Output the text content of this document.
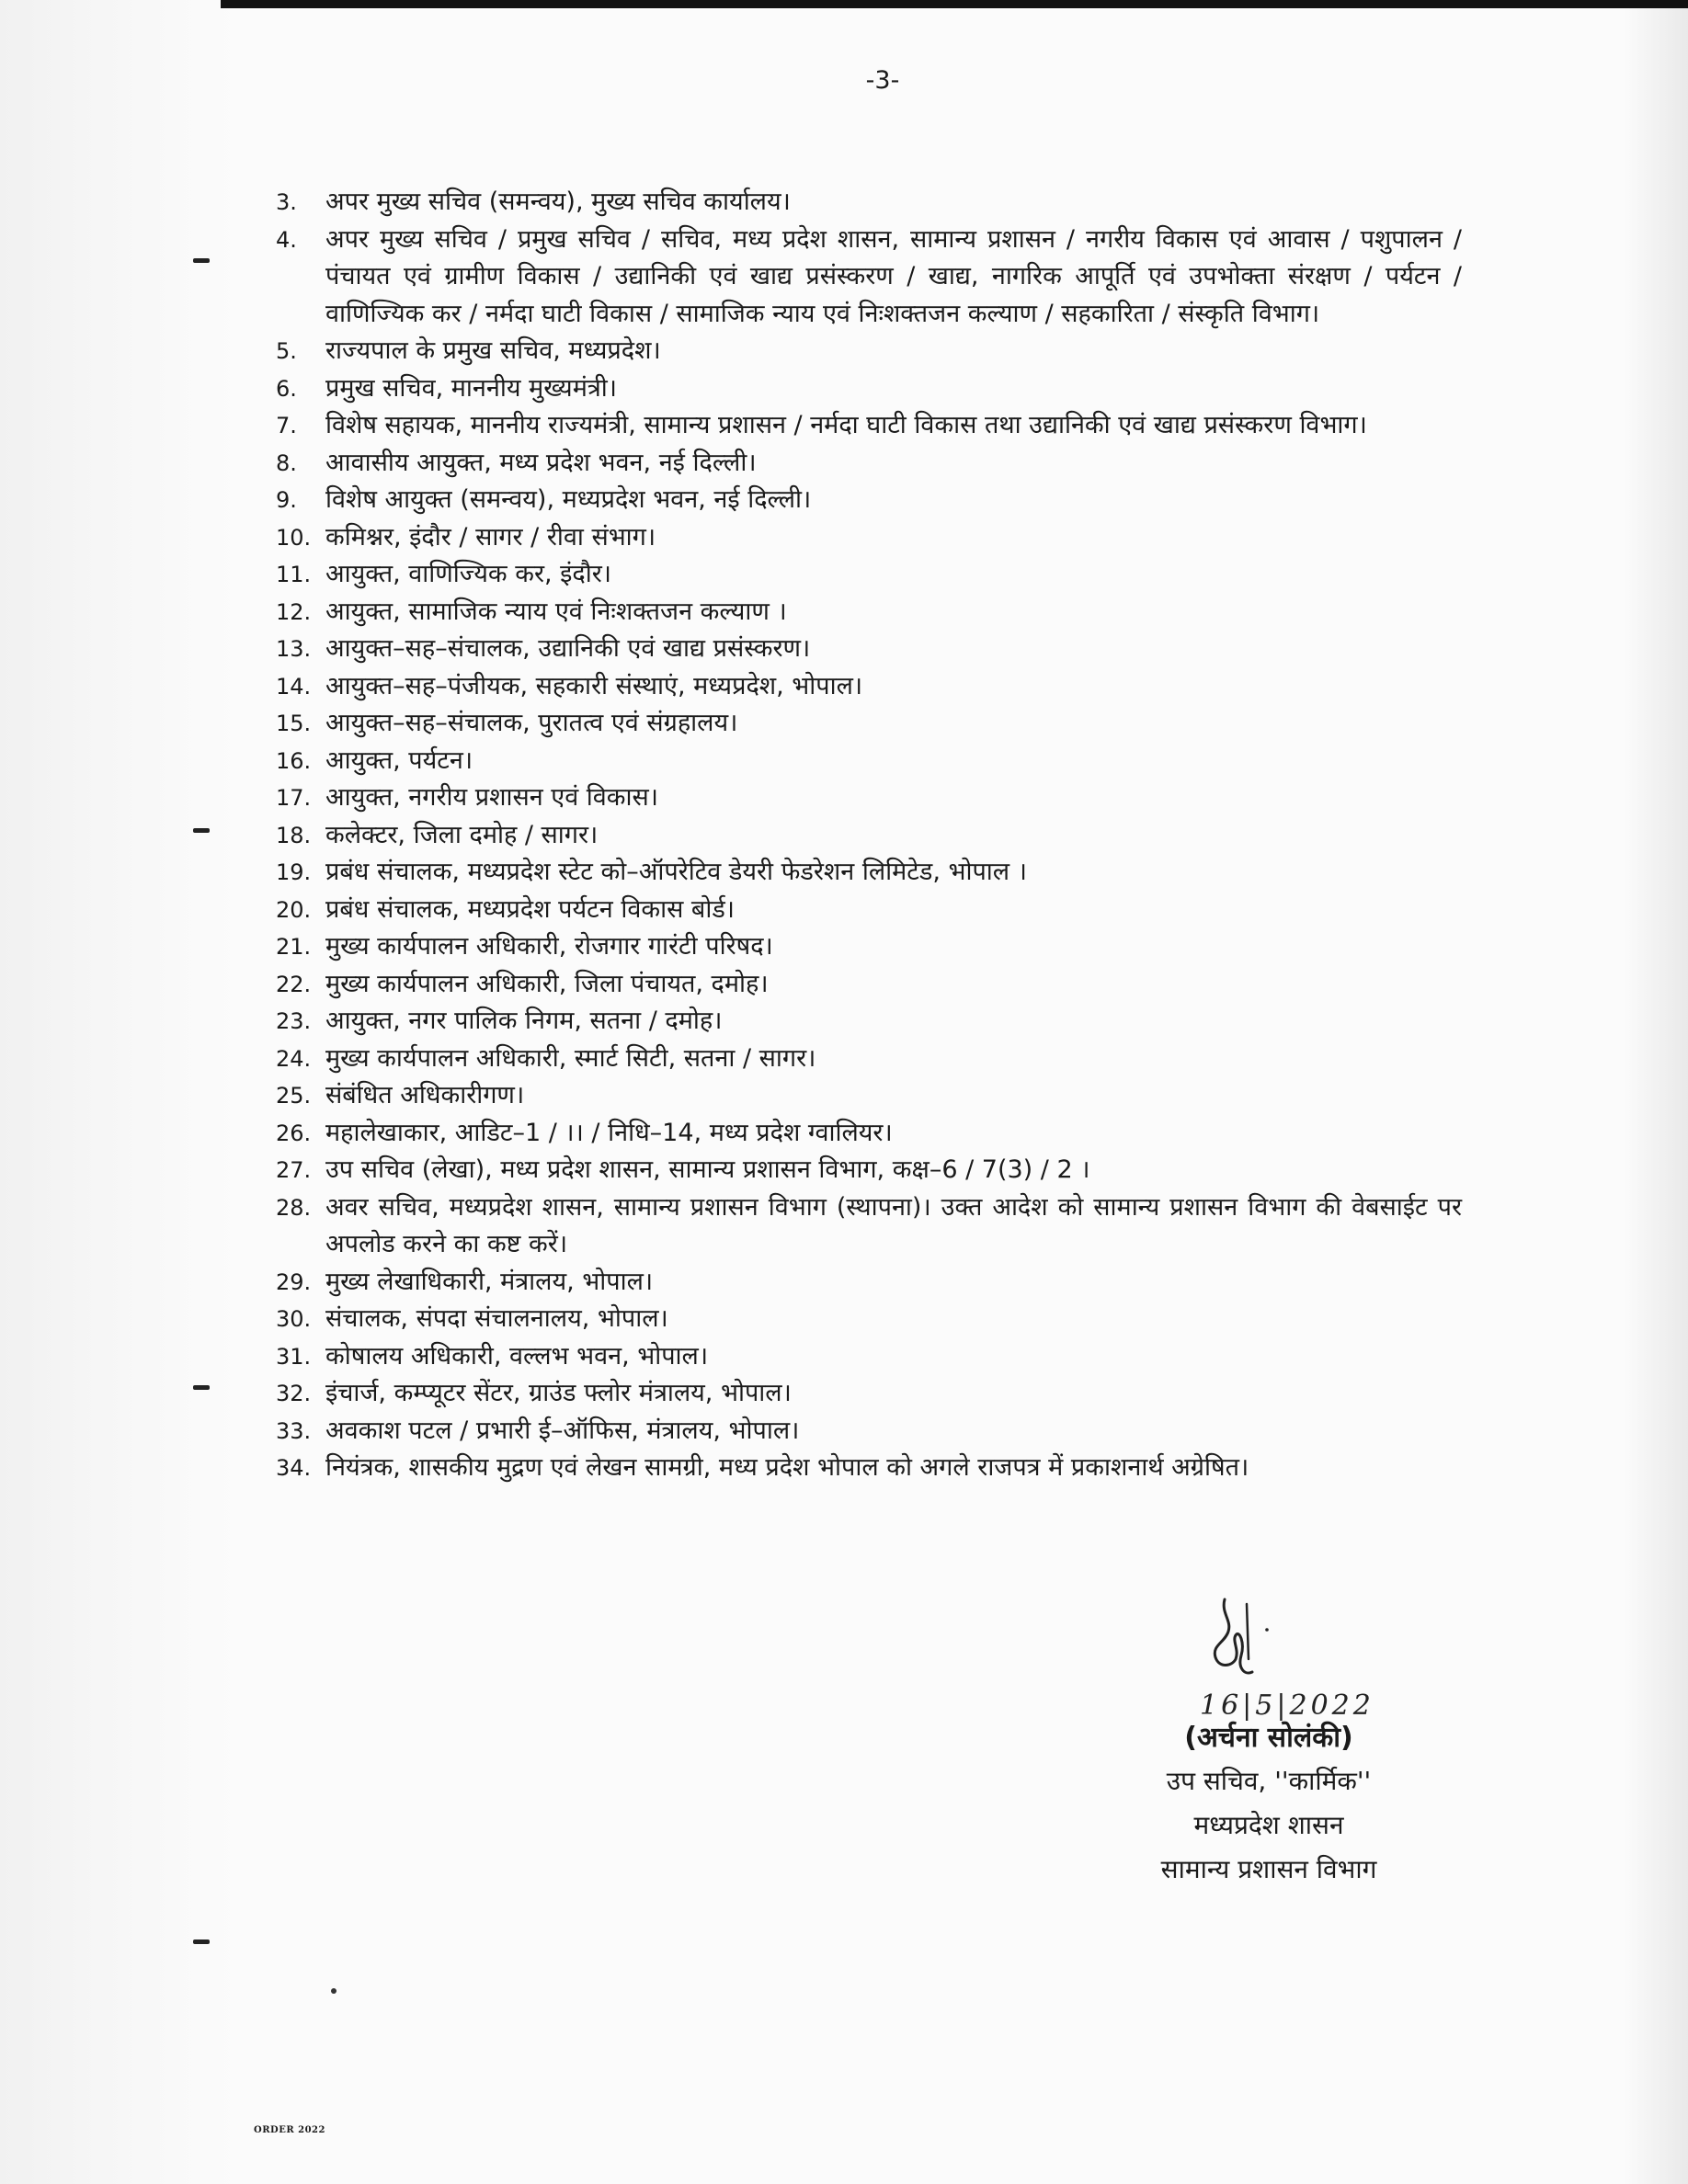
-3-
3.	अपर मुख्य सचिव (समन्वय), मुख्य सचिव कार्यालय।
4.	अपर मुख्य सचिव / प्रमुख सचिव / सचिव, मध्य प्रदेश शासन, सामान्य प्रशासन / नगरीय विकास एवं आवास / पशुपालन / पंचायत एवं ग्रामीण विकास / उद्यानिकी एवं खाद्य प्रसंस्करण / खाद्य, नागरिक आपूर्ति एवं उपभोक्ता संरक्षण / पर्यटन / वाणिज्यिक कर / नर्मदा घाटी विकास / सामाजिक न्याय एवं निःशक्तजन कल्याण / सहकारिता / संस्कृति विभाग।
5.	राज्यपाल के प्रमुख सचिव, मध्यप्रदेश।
6.	प्रमुख सचिव, माननीय मुख्यमंत्री।
7.	विशेष सहायक, माननीय राज्यमंत्री, सामान्य प्रशासन / नर्मदा घाटी विकास तथा उद्यानिकी एवं खाद्य प्रसंस्करण विभाग।
8.	आवासीय आयुक्त, मध्य प्रदेश भवन, नई दिल्ली।
9.	विशेष आयुक्त (समन्वय), मध्यप्रदेश भवन, नई दिल्ली।
10. कमिश्नर, इंदौर / सागर / रीवा संभाग।
11. आयुक्त, वाणिज्यिक कर, इंदौर।
12. आयुक्त, सामाजिक न्याय एवं निःशक्तजन कल्याण ।
13. आयुक्त–सह–संचालक, उद्यानिकी एवं खाद्य प्रसंस्करण।
14. आयुक्त–सह–पंजीयक, सहकारी संस्थाएं, मध्यप्रदेश, भोपाल।
15. आयुक्त–सह–संचालक, पुरातत्व एवं संग्रहालय।
16. आयुक्त, पर्यटन।
17. आयुक्त, नगरीय प्रशासन एवं विकास।
18. कलेक्टर, जिला दमोह / सागर।
19. प्रबंध संचालक, मध्यप्रदेश स्टेट को–ऑपरेटिव डेयरी फेडरेशन लिमिटेड, भोपाल ।
20. प्रबंध संचालक, मध्यप्रदेश पर्यटन विकास बोर्ड।
21. मुख्य कार्यपालन अधिकारी, रोजगार गारंटी परिषद।
22. मुख्य कार्यपालन अधिकारी, जिला पंचायत, दमोह।
23. आयुक्त, नगर पालिक निगम, सतना / दमोह।
24. मुख्य कार्यपालन अधिकारी, स्मार्ट सिटी, सतना / सागर।
25. संबंधित अधिकारीगण।
26. महालेखाकार, आडिट–1 / ।। / निधि–14, मध्य प्रदेश ग्वालियर।
27. उप सचिव (लेखा), मध्य प्रदेश शासन, सामान्य प्रशासन विभाग, कक्ष–6 / 7(3) / 2 ।
28. अवर सचिव, मध्यप्रदेश शासन, सामान्य प्रशासन विभाग (स्थापना)। उक्त आदेश को सामान्य प्रशासन विभाग की वेबसाईट पर अपलोड करने का कष्ट करें।
29. मुख्य लेखाधिकारी, मंत्रालय, भोपाल।
30. संचालक, संपदा संचालनालय, भोपाल।
31. कोषालय अधिकारी, वल्लभ भवन, भोपाल।
32. इंचार्ज, कम्प्यूटर सेंटर, ग्राउंड फ्लोर मंत्रालय, भोपाल।
33. अवकाश पटल / प्रभारी ई–ऑफिस, मंत्रालय, भोपाल।
34. नियंत्रक, शासकीय मुद्रण एवं लेखन सामग्री, मध्य प्रदेश भोपाल को अगले राजपत्र में प्रकाशनार्थ अग्रेषित।
16|5|2022
(अर्चना सोलंकी)
उप सचिव, ''कार्मिक''
मध्यप्रदेश शासन
सामान्य प्रशासन विभाग
ORDER 2022
